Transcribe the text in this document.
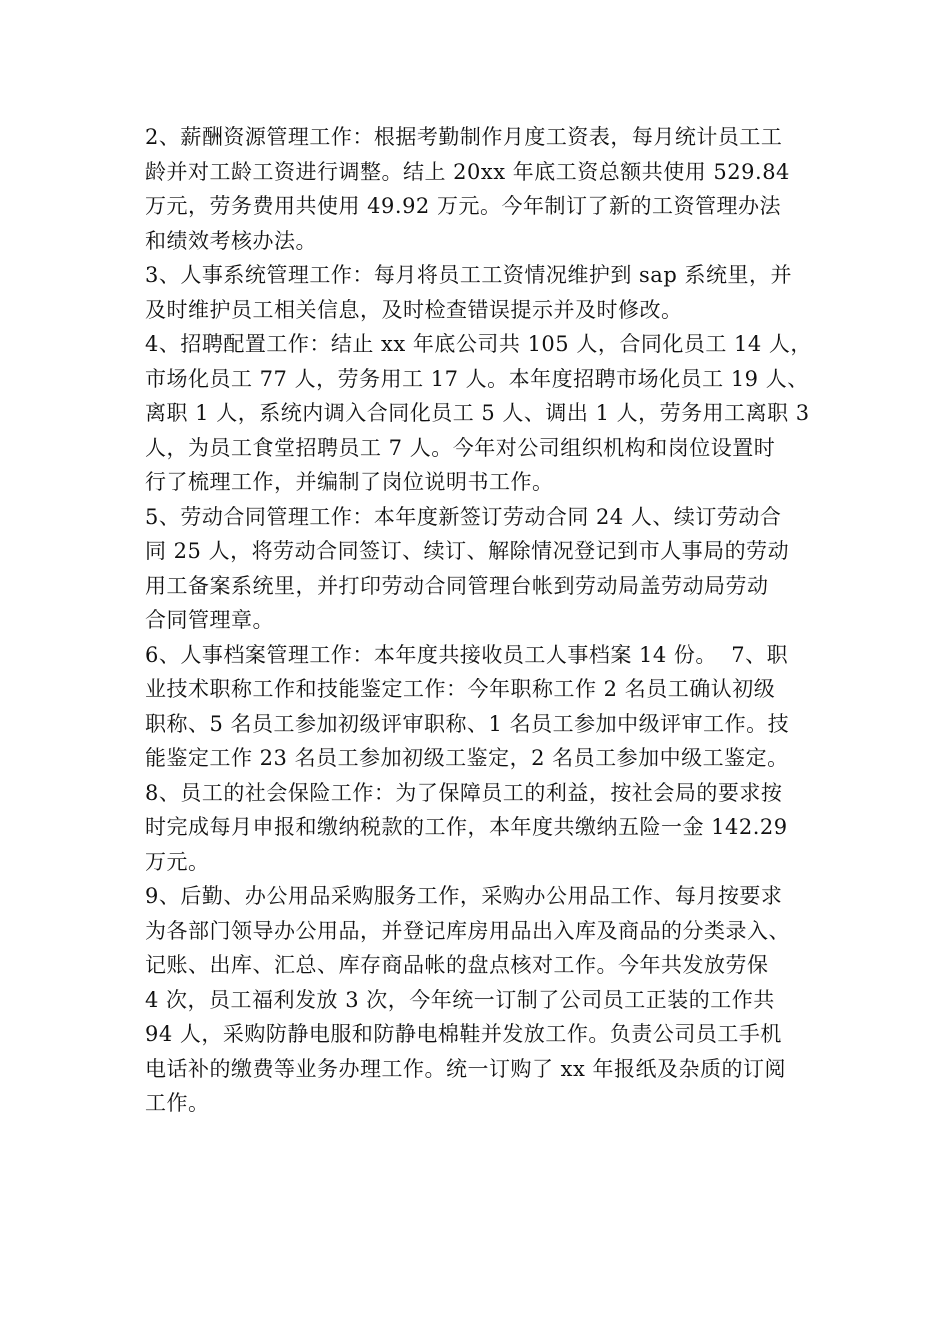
2、薪酬资源管理工作：根据考勤制作月度工资表，每月统计员工工
龄并对工龄工资进行调整。结上 20xx 年底工资总额共使用 529.84
万元，劳务费用共使用 49.92 万元。今年制订了新的工资管理办法
和绩效考核办法。
3、人事系统管理工作：每月将员工工资情况维护到 sap 系统里，并
及时维护员工相关信息，及时检查错误提示并及时修改。
4、招聘配置工作：结止 xx 年底公司共 105 人，合同化员工 14 人，
市场化员工 77 人，劳务用工 17 人。本年度招聘市场化员工 19 人、
离职 1 人，系统内调入合同化员工 5 人、调出 1 人，劳务用工离职 3
人，为员工食堂招聘员工 7 人。今年对公司组织机构和岗位设置时
行了梳理工作，并编制了岗位说明书工作。
5、劳动合同管理工作：本年度新签订劳动合同 24 人、续订劳动合
同 25 人，将劳动合同签订、续订、解除情况登记到市人事局的劳动
用工备案系统里，并打印劳动合同管理台帐到劳动局盖劳动局劳动
合同管理章。
6、人事档案管理工作：本年度共接收员工人事档案 14 份。  7、职
业技术职称工作和技能鉴定工作：今年职称工作 2 名员工确认初级
职称、5 名员工参加初级评审职称、1 名员工参加中级评审工作。技
能鉴定工作 23 名员工参加初级工鉴定，2 名员工参加中级工鉴定。
8、员工的社会保险工作：为了保障员工的利益，按社会局的要求按
时完成每月申报和缴纳税款的工作，本年度共缴纳五险一金 142.29
万元。
9、后勤、办公用品采购服务工作，采购办公用品工作、每月按要求
为各部门领导办公用品，并登记库房用品出入库及商品的分类录入、
记账、出库、汇总、库存商品帐的盘点核对工作。今年共发放劳保
4 次，员工福利发放 3 次，今年统一订制了公司员工正装的工作共
94 人，采购防静电服和防静电棉鞋并发放工作。负责公司员工手机
电话补的缴费等业务办理工作。统一订购了 xx 年报纸及杂质的订阅
工作。
